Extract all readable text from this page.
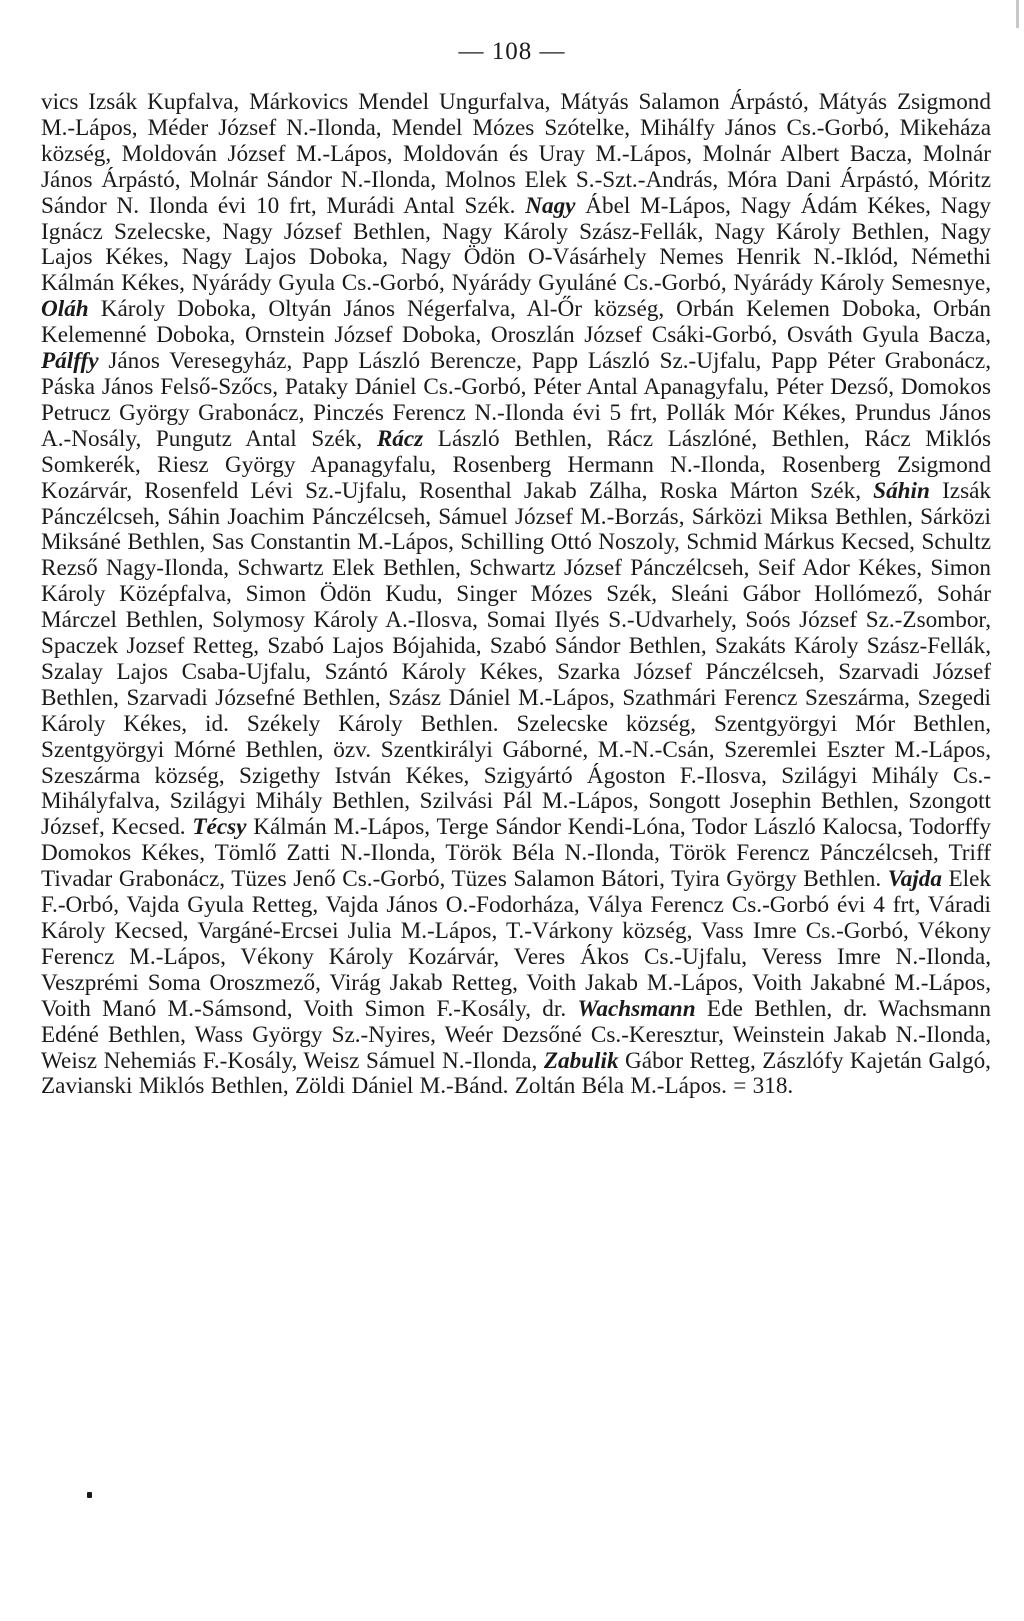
— 108 —

vics Izsák Kupfalva, Márkovics Mendel Ungurfalva, Mátyás Salamon Árpástó, Mátyás Zsigmond M.-Lápos, Méder József N.-Ilonda, Mendel Mózes Szótelke, Mihálfy János Cs.-Gorbó, Mikeháza község, Moldován József M.-Lápos, Moldován és Uray M.-Lápos, Molnár Albert Bacza, Molnár János Árpástó, Molnár Sándor N.-Ilonda, Molnos Elek S.-Szt.-András, Móra Dani Árpástó, Móritz Sándor N. Ilonda évi 10 frt, Murádi Antal Szék. Nagy Ábel M-Lápos, Nagy Ádám Kékes, Nagy Ignácz Szelecske, Nagy József Bethlen, Nagy Károly Szász-Fellák, Nagy Károly Bethlen, Nagy Lajos Kékes, Nagy Lajos Doboka, Nagy Ödön O-Vásárhely Nemes Henrik N.-Iklód, Némethi Kálmán Kékes, Nyárády Gyula Cs.-Gorbó, Nyárády Gyuláné Cs.-Gorbó, Nyárády Károly Semesnye, Oláh Károly Doboka, Oltyán János Négerfalva, Al-Őr község, Orbán Kelemen Doboka, Orbán Kelemenné Doboka, Ornstein József Doboka, Oroszlán József Csáki-Gorbó, Osváth Gyula Bacza, Pálffy János Veresegyház, Papp László Berencze, Papp László Sz.-Ujfalu, Papp Péter Grabonácz, Páska János Felső-Szőcs, Pataky Dániel Cs.-Gorbó, Péter Antal Apanagyfalu, Péter Dezső, Domokos Petrucz György Grabonácz, Pinczés Ferencz N.-Ilonda évi 5 frt, Pollák Mór Kékes, Prundus János A.-Nosály, Pungutz Antal Szék, Rácz László Bethlen, Rácz Lászlóné, Bethlen, Rácz Miklós Somkerék, Riesz György Apanagyfalu, Rosenberg Hermann N.-Ilonda, Rosenberg Zsigmond Kozárvár, Rosenfeld Lévi Sz.-Ujfalu, Rosenthal Jakab Zálha, Roska Márton Szék, Sáhin Izsák Pánczélcseh, Sáhin Joachim Pánczélcseh, Sámuel József M.-Borzás, Sárközi Miksa Bethlen, Sárközi Miksáné Bethlen, Sas Constantin M.-Lápos, Schilling Ottó Noszoly, Schmid Márkus Kecsed, Schultz Rezső Nagy-Ilonda, Schwartz Elek Bethlen, Schwartz József Pánczélcseh, Seif Ador Kékes, Simon Károly Középfalva, Simon Ödön Kudu, Singer Mózes Szék, Sleáni Gábor Hollómező, Sohár Márczel Bethlen, Solymosy Károly A.-Ilosva, Somai Ilyés S.-Udvarhely, Soós József Sz.-Zsombor, Spaczek Jozsef Retteg, Szabó Lajos Bójahida, Szabó Sándor Bethlen, Szakáts Károly Szász-Fellák, Szalay Lajos Csaba-Ujfalu, Szántó Károly Kékes, Szarka József Pánczélcseh, Szarvadi József Bethlen, Szarvadi Józsefné Bethlen, Szász Dániel M.-Lápos, Szathmári Ferencz Szeszárma, Szegedi Károly Kékes, id. Székely Károly Bethlen. Szelecske község, Szentgyörgyi Mór Bethlen, Szentgyörgyi Mórné Bethlen, özv. Szentkirályi Gáborné, M.-N.-Csán, Szeremlei Eszter M.-Lápos, Szeszárma község, Szigethy István Kékes, Szigyártó Ágoston F.-Ilosva, Szilágyi Mihály Cs.-Mihályfalva, Szilágyi Mihály Bethlen, Szilvási Pál M.-Lápos, Songott Josephin Bethlen, Szongott József, Kecsed. Técsy Kálmán M.-Lápos, Terge Sándor Kendi-Lóna, Todor László Kalocsa, Todorffy Domokos Kékes, Tömlő Zatti N.-Ilonda, Török Béla N.-Ilonda, Török Ferencz Pánczélcseh, Triff Tivadar Grabonácz, Tüzes Jenő Cs.-Gorbó, Tüzes Salamon Bátori, Tyira György Bethlen. Vajda Elek F.-Orbó, Vajda Gyula Retteg, Vajda János O.-Fodorháza, Vályа Ferencz Cs.-Gorbó évi 4 frt, Váradi Károly Kecsed, Vargáné-Ercsei Julia M.-Lápos, T.-Várkony község, Vass Imre Cs.-Gorbó, Vékony Ferencz M.-Lápos, Vékony Károly Kozárvár, Veres Ákos Cs.-Ujfalu, Veress Imre N.-Ilonda, Veszprémi Soma Oroszmező, Virág Jakab Retteg, Voith Jakab M.-Lápos, Voith Jakabné M.-Lápos, Voith Manó M.-Sámsond, Voith Simon F.-Kosály, dr. Wachsmann Ede Bethlen, dr. Wachsmann Edéné Bethlen, Wass György Sz.-Nyires, Weér Dezsőné Cs.-Keresztur, Weinstein Jakab N.-Ilonda, Weisz Nehemiás F.-Kosály, Weisz Sámuel N.-Ilonda, Zabulik Gábor Retteg, Zászlófy Kajetán Galgó, Zavianski Miklós Bethlen, Zöldi Dániel M.-Bánd. Zoltán Béla M.-Lápos. = 318.
